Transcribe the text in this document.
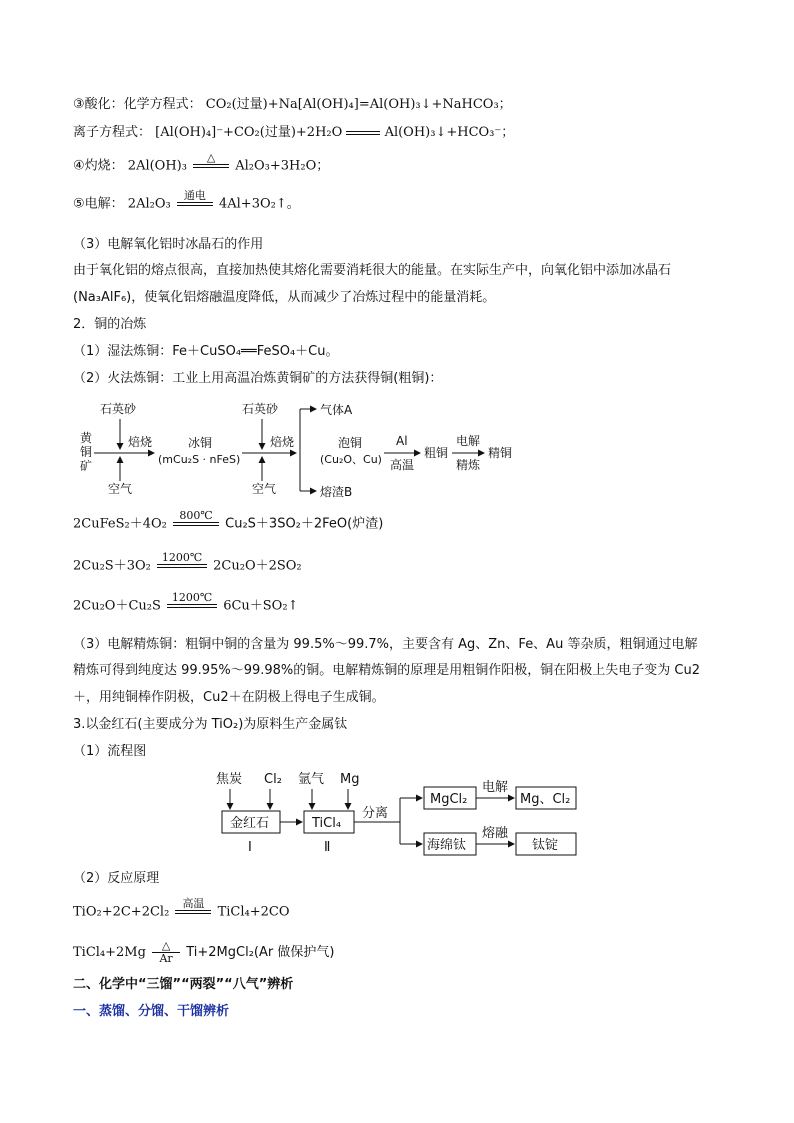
③酸化：化学方程式： CO₂(过量)+Na[Al(OH)₄]=Al(OH)₃↓+NaHCO₃；
离子方程式： [Al(OH)₄]⁻+CO₂(过量)+2H₂O	Al(OH)₃↓+HCO₃⁻；
④灼烧： 2Al(OH)₃
△
Al₂O₃+3H₂O；
⑤电解： 2Al₂O₃
通电
4Al+3O₂↑。
（3）电解氧化铝时冰晶石的作用
由于氧化铝的熔点很高，直接加热使其熔化需要消耗很大的能量。在实际生产中，向氧化铝中添加冰晶石
(Na₃AlF₆)，使氧化铝熔融温度降低，从而减少了冶炼过程中的能量消耗。
2．铜的冶炼
（1）湿法炼铜：Fe＋CuSO₄══FeSO₄＋Cu。
（2）火法炼铜：工业上用高温冶炼黄铜矿的方法获得铜(粗铜)：
黄
铜
矿
石英砂
焙烧
空气
冰铜
(mCu₂S · nFeS)
石英砂
焙烧
空气
气体A
熔渣B
泡铜
(Cu₂O、Cu)
Al
高温
粗铜
电解
精炼
精铜
2CuFeS₂＋4O₂
800℃
Cu₂S＋3SO₂＋2FeO(炉渣)
2Cu₂S＋3O₂
1200℃
2Cu₂O＋2SO₂
2Cu₂O＋Cu₂S
1200℃
6Cu＋SO₂↑
（3）电解精炼铜：粗铜中铜的含量为 99.5%～99.7%，主要含有 Ag、Zn、Fe、Au 等杂质，粗铜通过电解
精炼可得到纯度达 99.95%～99.98%的铜。电解精炼铜的原理是用粗铜作阳极，铜在阳极上失电子变为 Cu2
＋，用纯铜棒作阴极，Cu2＋在阴极上得电子生成铜。
3.以金红石(主要成分为 TiO₂)为原料生产金属钛
（1）流程图
焦炭 Cl₂ 氩气 Mg
金红石	TiCl₄
Ⅰ	Ⅱ
分离
MgCl₂
电解
Mg、Cl₂
海绵钛
熔融
钛锭
（2）反应原理
TiO₂+2C+2Cl₂
高温
TiCl₄+2CO
TiCl₄+2Mg	△
Ar	Ti+2MgCl₂(Ar 做保护气)
二、化学中“三馏”“两裂”“八气”辨析
一、蒸馏、分馏、干馏辨析
